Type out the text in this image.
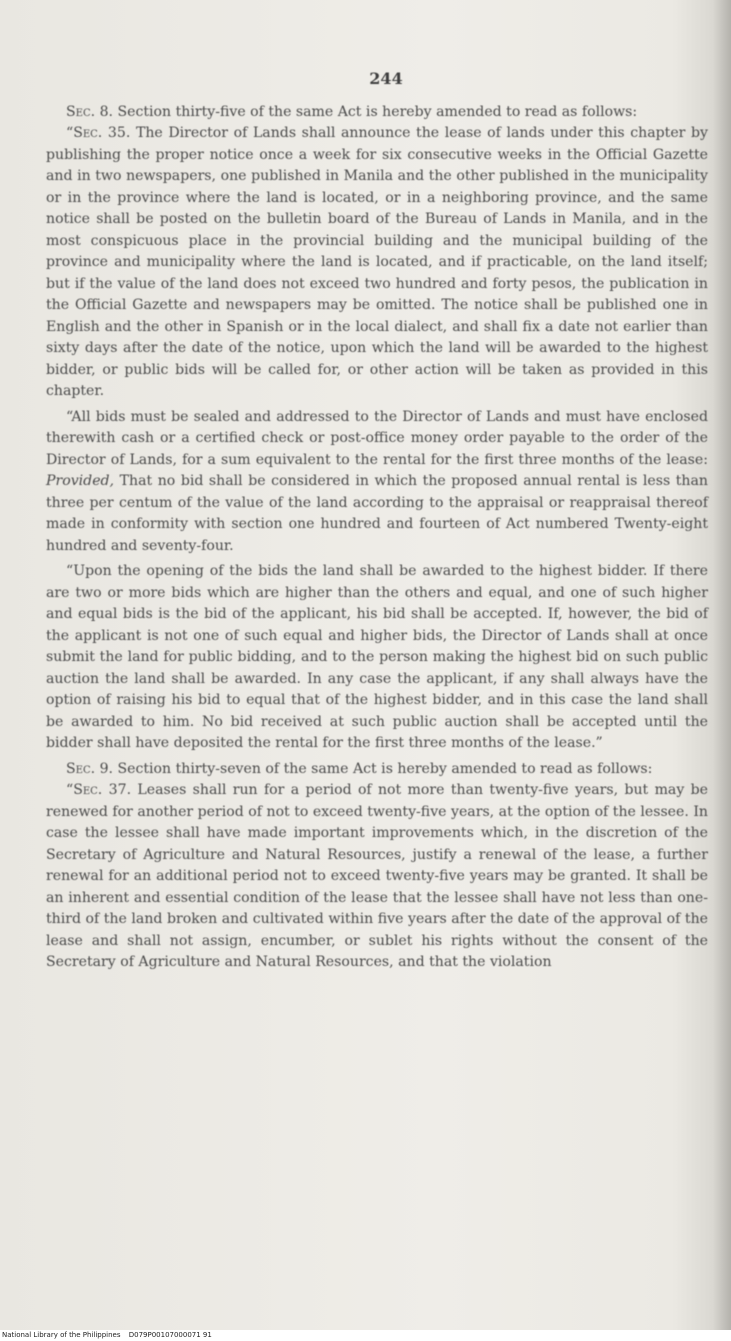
244

Sec. 8. Section thirty-five of the same Act is hereby amended to read as follows:

“Sec. 35. The Director of Lands shall announce the lease of lands under this chapter by publishing the proper notice once a week for six consecutive weeks in the Official Gazette and in two newspapers, one published in Manila and the other published in the municipality or in the province where the land is located, or in a neighboring province, and the same notice shall be posted on the bulletin board of the Bureau of Lands in Manila, and in the most conspicuous place in the provincial building and the municipal building of the province and municipality where the land is located, and if practicable, on the land itself; but if the value of the land does not exceed two hundred and forty pesos, the publication in the Official Gazette and newspapers may be omitted. The notice shall be published one in English and the other in Spanish or in the local dialect, and shall fix a date not earlier than sixty days after the date of the notice, upon which the land will be awarded to the highest bidder, or public bids will be called for, or other action will be taken as provided in this chapter.

“All bids must be sealed and addressed to the Director of Lands and must have enclosed therewith cash or a certified check or post-office money order payable to the order of the Director of Lands, for a sum equivalent to the rental for the first three months of the lease: Provided, That no bid shall be considered in which the proposed annual rental is less than three per centum of the value of the land according to the appraisal or reappraisal thereof made in conformity with section one hundred and fourteen of Act numbered Twenty-eight hundred and seventy-four.

“Upon the opening of the bids the land shall be awarded to the highest bidder. If there are two or more bids which are higher than the others and equal, and one of such higher and equal bids is the bid of the applicant, his bid shall be accepted. If, however, the bid of the applicant is not one of such equal and higher bids, the Director of Lands shall at once submit the land for public bidding, and to the person making the highest bid on such public auction the land shall be awarded. In any case the applicant, if any shall always have the option of raising his bid to equal that of the highest bidder, and in this case the land shall be awarded to him. No bid received at such public auction shall be accepted until the bidder shall have deposited the rental for the first three months of the lease.”

Sec. 9. Section thirty-seven of the same Act is hereby amended to read as follows:

“Sec. 37. Leases shall run for a period of not more than twenty-five years, but may be renewed for another period of not to exceed twenty-five years, at the option of the lessee. In case the lessee shall have made important improvements which, in the discretion of the Secretary of Agriculture and Natural Resources, justify a renewal of the lease, a further renewal for an additional period not to exceed twenty-five years may be granted. It shall be an inherent and essential condition of the lease that the lessee shall have not less than one-third of the land broken and cultivated within five years after the date of the approval of the lease and shall not assign, encumber, or sublet his rights without the consent of the Secretary of Agriculture and Natural Resources, and that the violation

National Library of the Philippines D079P00107000071 91
